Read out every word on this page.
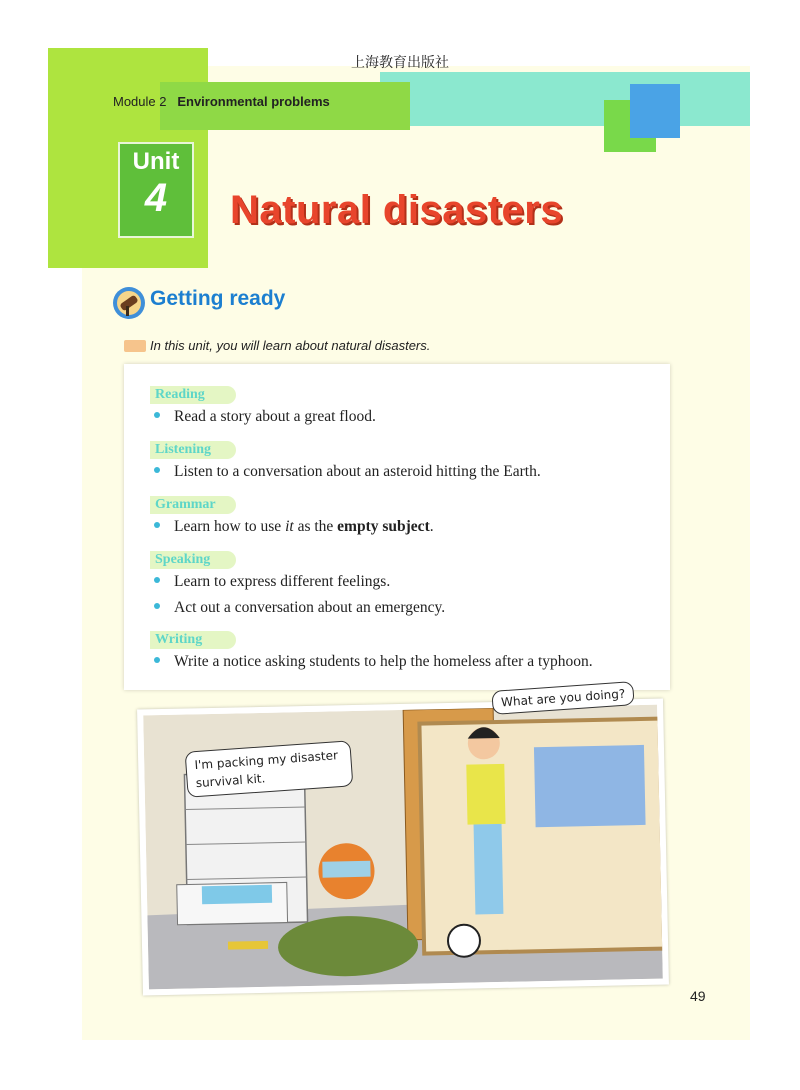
上海教育出版社
Module 2 Environmental problems
Unit
4	Natural disasters
Getting ready
In this unit, you will learn about natural disasters.
Reading
Read a story about a great flood.
Listening
Listen to a conversation about an asteroid hitting the Earth.
Grammar
Learn how to use it as the empty subject.
Speaking
Learn to express different feelings.
Act out a conversation about an emergency.
Writing
Write a notice asking students to help the homeless after a typhoon.
What are you doing?
I'm packing my disaster survival kit.
49
